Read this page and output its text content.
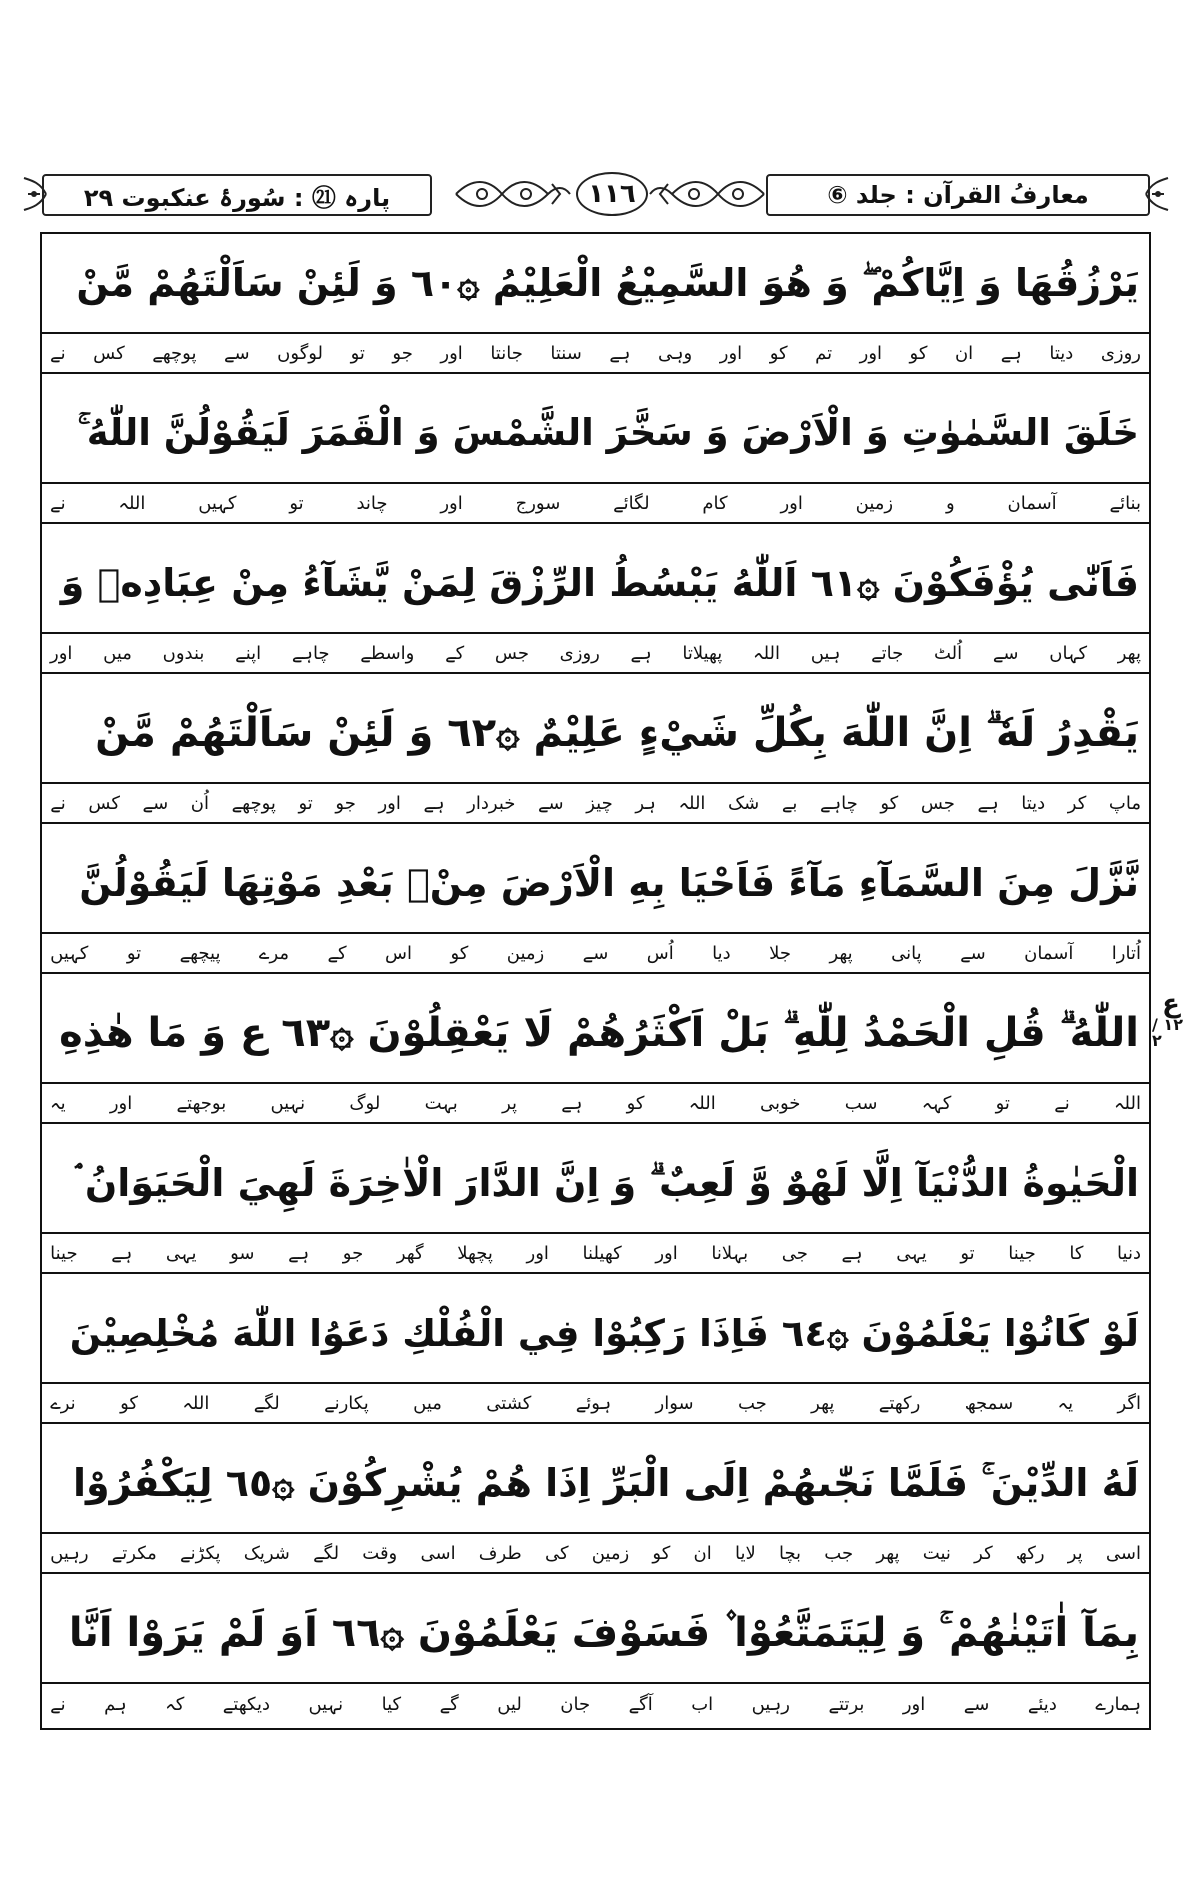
معارفُ القرآن : جلد ⑥
١١٦
پارہ ㉑ : سُورۂ عنکبوت ۲۹
يَرْزُقُهَا وَ اِيَّاكُمْ ۖ وَ هُوَ السَّمِيْعُ الْعَلِيْمُ ۞٦٠ وَ لَئِنْ سَاَلْتَهُمْ مَّنْ
روزی
دیتا
ہے
ان
کو
اور
تم
کو
اور
وہی
ہے
سنتا
جانتا
اور
جو
تو
لوگوں
سے
پوچھے
کس
نے
خَلَقَ السَّمٰوٰتِ وَ الْاَرْضَ وَ سَخَّرَ الشَّمْسَ وَ الْقَمَرَ لَيَقُوْلُنَّ اللّٰهُ ۚ
بنائے
آسمان
و
زمین
اور
کام
لگائے
سورج
اور
چاند
تو
کہیں
اللہ
نے
فَاَنّٰى يُؤْفَكُوْنَ ۞٦١ اَللّٰهُ يَبْسُطُ الرِّزْقَ لِمَنْ يَّشَآءُ مِنْ عِبَادِهٖ وَ
پھر
کہاں
سے
اُلٹ
جاتے
ہیں
اللہ
پھیلاتا
ہے
روزی
جس
کے
واسطے
چاہے
اپنے
بندوں
میں
اور
يَقْدِرُ لَهٗ ۗ اِنَّ اللّٰهَ بِكُلِّ شَيْءٍ عَلِيْمٌ ۞٦٢ وَ لَئِنْ سَاَلْتَهُمْ مَّنْ
ماپ
کر
دیتا
ہے
جس
کو
چاہے
بے
شک
اللہ
ہر
چیز
سے
خبردار
ہے
اور
جو
تو
پوچھے
اُن
سے
کس
نے
نَّزَّلَ مِنَ السَّمَآءِ مَآءً فَاَحْيَا بِهِ الْاَرْضَ مِنْۢ بَعْدِ مَوْتِهَا لَيَقُوْلُنَّ
اُتارا
آسمان
سے
پانی
پھر
جلا
دیا
اُس
سے
زمین
کو
اس
کے
مرے
پیچھے
تو
کہیں
اللّٰهُ ۗ قُلِ الْحَمْدُ لِلّٰهِ ۗ بَلْ اَكْثَرُهُمْ لَا يَعْقِلُوْنَ ۞٦٣ ع وَ مَا هٰذِهِ
اللہ
نے
تو
کہہ
سب
خوبی
اللہ
کو
ہے
پر
بہت
لوگ
نہیں
بوجھتے
اور
یہ
الْحَيٰوةُ الدُّنْيَآ اِلَّا لَهْوٌ وَّ لَعِبٌ ۗ وَ اِنَّ الدَّارَ الْاٰخِرَةَ لَهِيَ الْحَيَوَانُ ۘ
دنیا
کا
جینا
تو
یہی
ہے
جی
بہلانا
اور
کھیلنا
اور
پچھلا
گھر
جو
ہے
سو
یہی
ہے
جینا
لَوْ كَانُوْا يَعْلَمُوْنَ ۞٦٤ فَاِذَا رَكِبُوْا فِي الْفُلْكِ دَعَوُا اللّٰهَ مُخْلِصِيْنَ
اگر
یہ
سمجھ
رکھتے
پھر
جب
سوار
ہوئے
کشتی
میں
پکارنے
لگے
اللہ
کو
نرے
لَهُ الدِّيْنَ ۚ فَلَمَّا نَجّٰىهُمْ اِلَى الْبَرِّ اِذَا هُمْ يُشْرِكُوْنَ ۞٦٥ لِيَكْفُرُوْا
اسی
پر
رکھ
کر
نیت
پھر
جب
بچا
لایا
ان
کو
زمین
کی
طرف
اسی
وقت
لگے
شریک
پکڑنے
مکرتے
رہیں
بِمَآ اٰتَيْنٰهُمْ ۚ وَ لِيَتَمَتَّعُوْا ۫ فَسَوْفَ يَعْلَمُوْنَ ۞٦٦ اَوَ لَمْ يَرَوْا اَنَّا
ہمارے
دیئے
سے
اور
برتتے
رہیں
اب
آگے
جان
لیں
گے
کیا
نہیں
دیکھتے
کہ
ہم
نے
ع
١٢ / ٢
